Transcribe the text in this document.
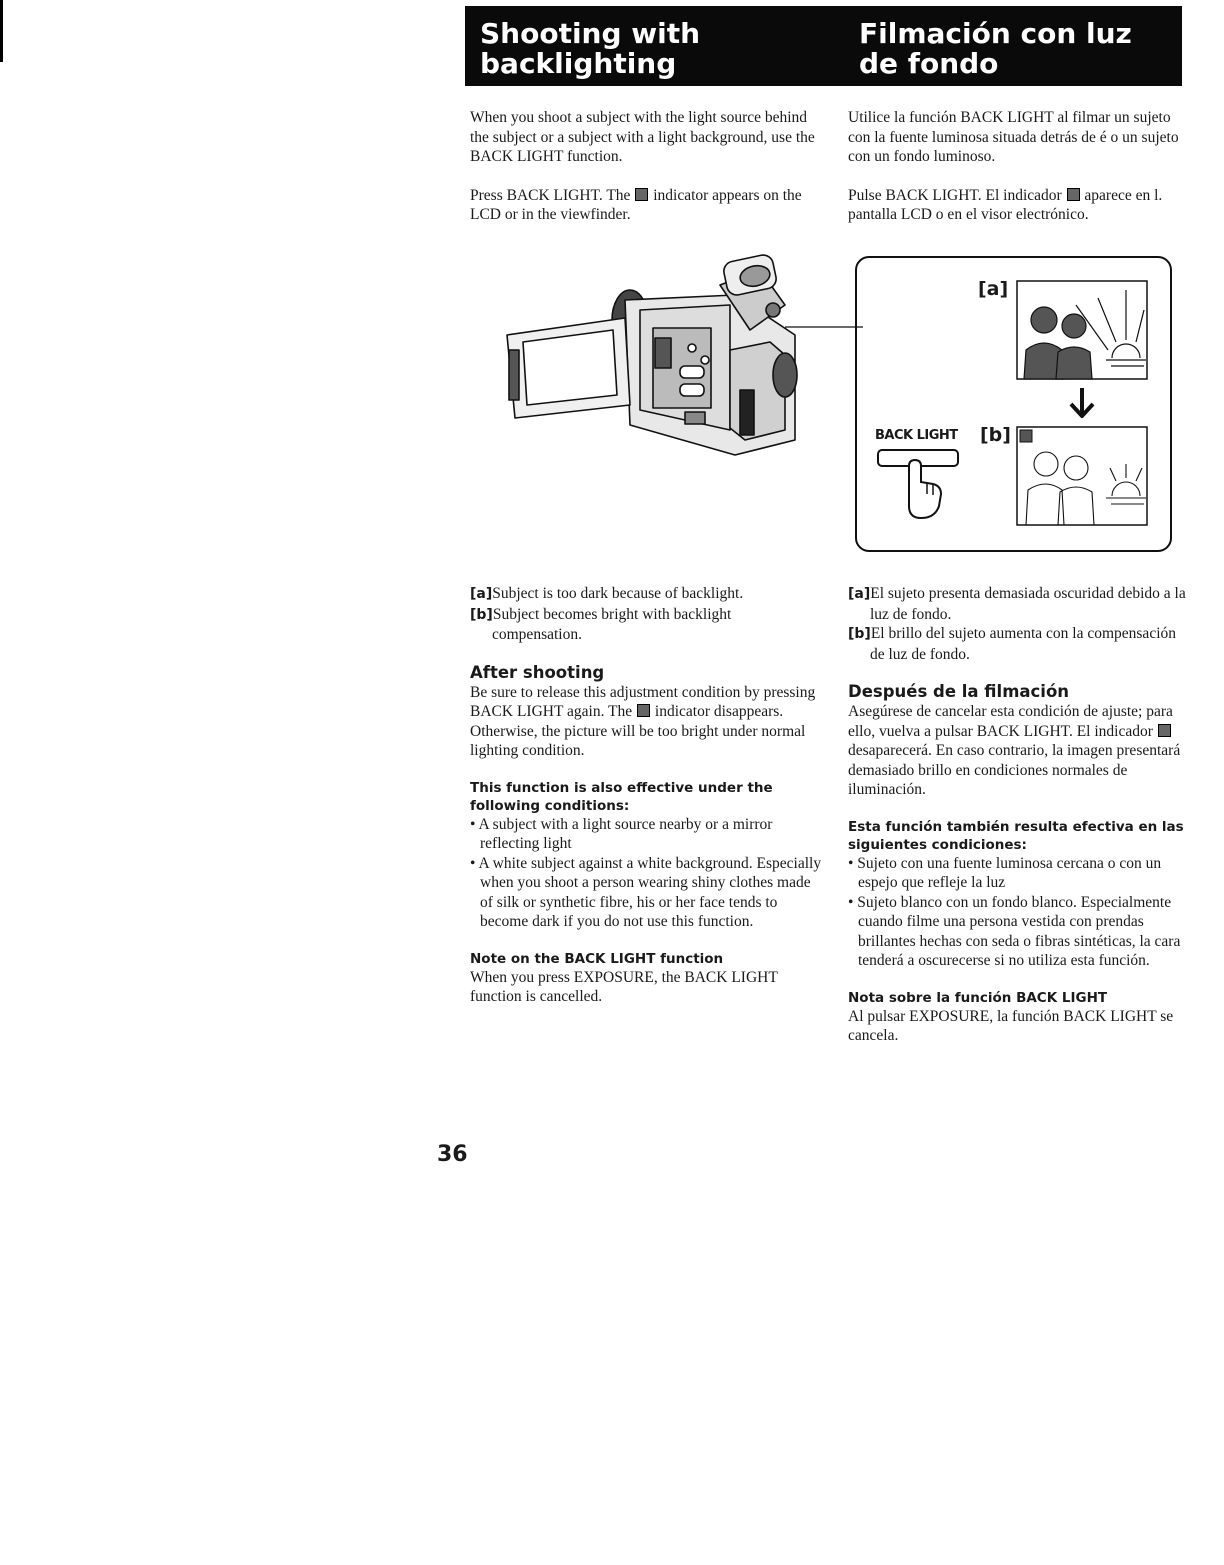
Shooting with backlighting
Filmación con luz de fondo

When you shoot a subject with the light source behind the subject or a subject with a light background, use the BACK LIGHT function.

Press BACK LIGHT. The indicator appears on the LCD or in the viewfinder.

Utilice la función BACK LIGHT al filmar un sujeto con la fuente luminosa situada detrás de é o un sujeto con un fondo luminoso.

Pulse BACK LIGHT. El indicador aparece en l. pantalla LCD o en el visor electrónico.

[a]
[b]
BACK LIGHT

[a]Subject is too dark because of backlight.

[b]Subject becomes bright with backlight compensation.

After shooting

Be sure to release this adjustment condition by pressing BACK LIGHT again. The indicator disappears. Otherwise, the picture will be too bright under normal lighting condition.

This function is also effective under the following conditions:

• A subject with a light source nearby or a mirror reflecting light
• A white subject against a white background. Especially when you shoot a person wearing shiny clothes made of silk or synthetic fibre, his or her face tends to become dark if you do not use this function.

Note on the BACK LIGHT function

When you press EXPOSURE, the BACK LIGHT function is cancelled.

[a]El sujeto presenta demasiada oscuridad debido a la luz de fondo.

[b]El brillo del sujeto aumenta con la compensación de luz de fondo.

Después de la filmación

Asegúrese de cancelar esta condición de ajuste; para ello, vuelva a pulsar BACK LIGHT. El indicador  desaparecerá. En caso contrario, la imagen presentará demasiado brillo en condiciones normales de iluminación.

Esta función también resulta efectiva en las siguientes condiciones:

• Sujeto con una fuente luminosa cercana o con un espejo que refleje la luz
• Sujeto blanco con un fondo blanco. Especialmente cuando filme una persona vestida con prendas brillantes hechas con seda o fibras sintéticas, la cara tenderá a oscurecerse si no utiliza esta función.

Nota sobre la función BACK LIGHT

Al pulsar EXPOSURE, la función BACK LIGHT se cancela.

36
